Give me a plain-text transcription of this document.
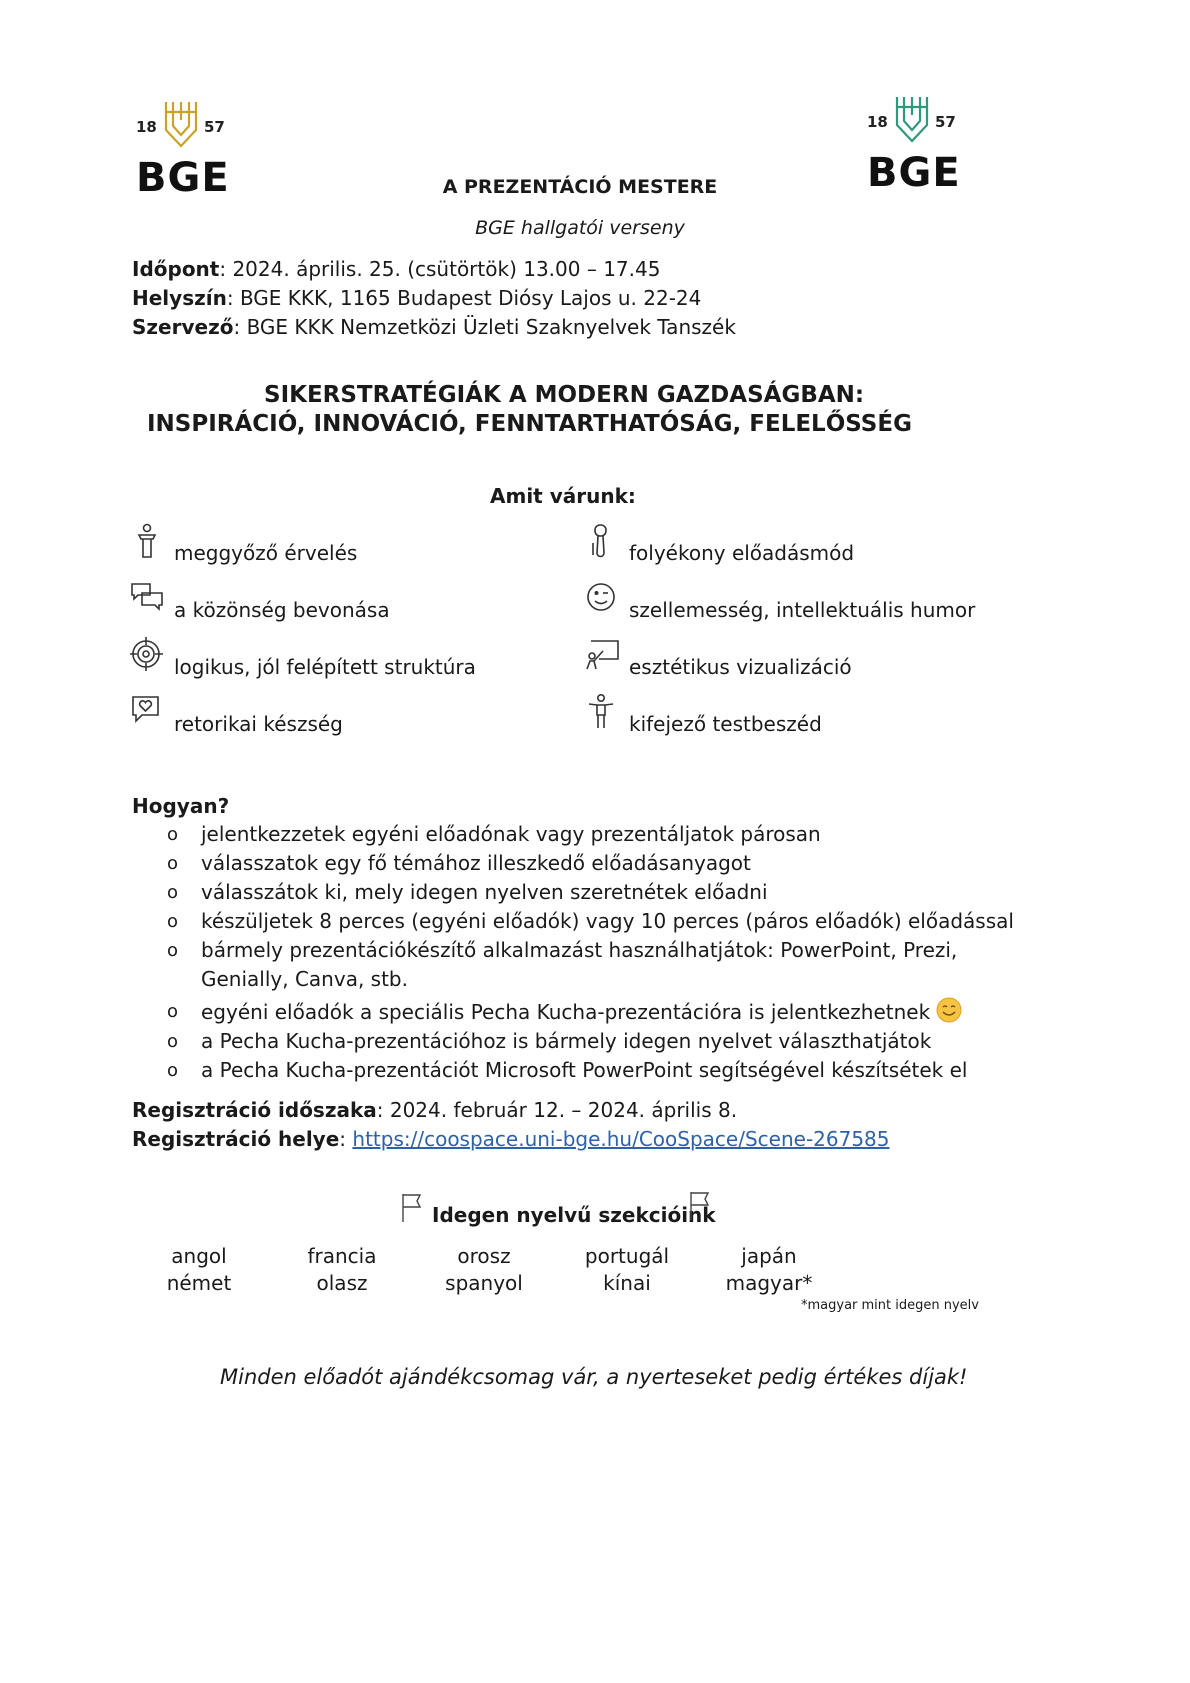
18	57
BGE
18	57
BGE
A PREZENTÁCIÓ MESTERE
BGE hallgatói verseny
Időpont: 2024. április. 25. (csütörtök) 13.00 – 17.45
Helyszín: BGE KKK, 1165 Budapest Diósy Lajos u. 22-24
Szervező: BGE KKK Nemzetközi Üzleti Szaknyelvek Tanszék
SIKERSTRATÉGIÁK A MODERN GAZDASÁGBAN:
INSPIRÁCIÓ, INNOVÁCIÓ, FENNTARTHATÓSÁG, FELELŐSSÉG
Amit várunk:
meggyőző érvelés
a közönség bevonása
logikus, jól felépített struktúra
retorikai készség
folyékony előadásmód
szellemesség, intellektuális humor
esztétikus vizualizáció
kifejező testbeszéd
Hogyan?
o jelentkezzetek egyéni előadónak vagy prezentáljatok párosan
o válasszatok egy fő témához illeszkedő előadásanyagot
o válasszátok ki, mely idegen nyelven szeretnétek előadni
o készüljetek 8 perces (egyéni előadók) vagy 10 perces (páros előadók) előadással
o bármely prezentációkészítő alkalmazást használhatjátok: PowerPoint, Prezi,
Genially, Canva, stb.
o egyéni előadók a speciális Pecha Kucha-prezentációra is jelentkezhetnek
o a Pecha Kucha-prezentációhoz is bármely idegen nyelvet választhatjátok
o a Pecha Kucha-prezentációt Microsoft PowerPoint segítségével készítsétek el
Regisztráció időszaka: 2024. február 12. – 2024. április 8.
Regisztráció helye: https://coospace.uni-bge.hu/CooSpace/Scene-267585
Idegen nyelvű szekcióink
angol	francia	orosz	portugál	japán
német	olasz	spanyol	kínai	magyar*
*magyar mint idegen nyelv
Minden előadót ajándékcsomag vár, a nyerteseket pedig értékes díjak!
